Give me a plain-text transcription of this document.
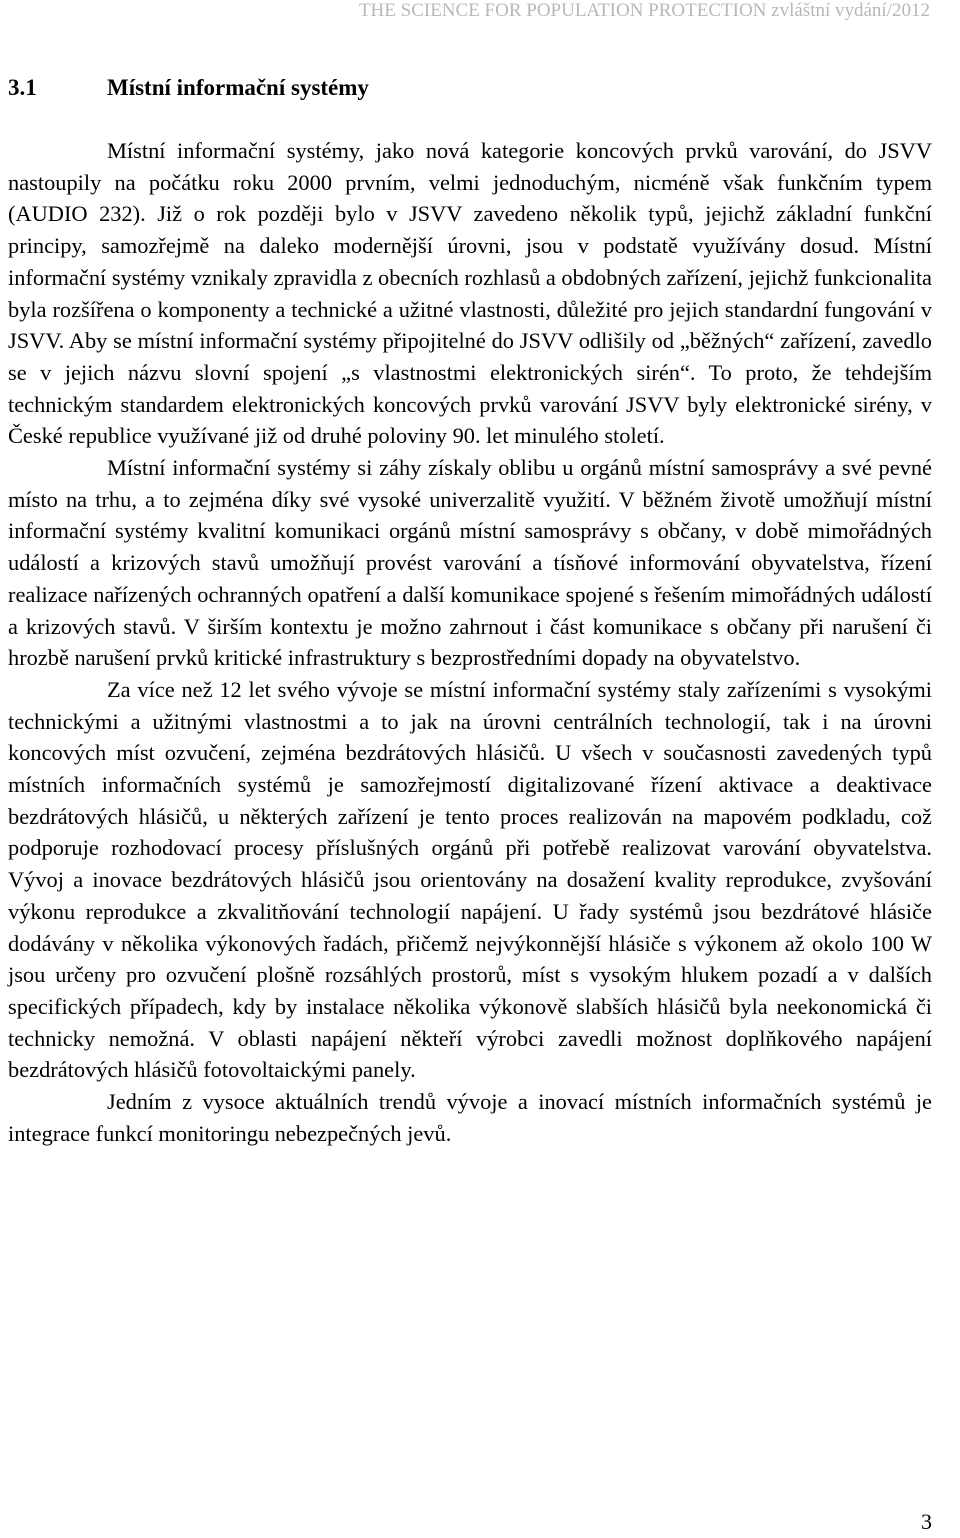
THE SCIENCE FOR POPULATION PROTECTION zvláštní vydání/2012
3.1	Místní informační systémy

Místní informační systémy, jako nová kategorie koncových prvků varování, do JSVV nastoupily na počátku roku 2000 prvním, velmi jednoduchým, nicméně však funkčním typem (AUDIO 232). Již o rok později bylo v JSVV zavedeno několik typů, jejichž základní funkční principy, samozřejmě na daleko modernější úrovni, jsou v podstatě využívány dosud. Místní informační systémy vznikaly zpravidla z obecních rozhlasů a obdobných zařízení, jejichž funkcionalita byla rozšířena o komponenty a technické a užitné vlastnosti, důležité pro jejich standardní fungování v JSVV. Aby se místní informační systémy připojitelné do JSVV odlišily od „běžných“ zařízení, zavedlo se v jejich názvu slovní spojení „s vlastnostmi elektronických sirén“. To proto, že tehdejším technickým standardem elektronických koncových prvků varování JSVV byly elektronické sirény, v České republice využívané již od druhé poloviny 90. let minulého století.

Místní informační systémy si záhy získaly oblibu u orgánů místní samosprávy a své pevné místo na trhu, a to zejména díky své vysoké univerzalitě využití. V běžném životě umožňují místní informační systémy kvalitní komunikaci orgánů místní samosprávy s občany, v době mimořádných událostí a krizových stavů umožňují provést varování a tísňové informování obyvatelstva, řízení realizace nařízených ochranných opatření a další komunikace spojené s řešením mimořádných událostí a krizových stavů. V širším kontextu je možno zahrnout i část komunikace s občany při narušení či hrozbě narušení prvků kritické infrastruktury s bezprostředními dopady na obyvatelstvo.

Za více než 12 let svého vývoje se místní informační systémy staly zařízeními s vysokými technickými a užitnými vlastnostmi a to jak na úrovni centrálních technologií, tak i na úrovni koncových míst ozvučení, zejména bezdrátových hlásičů. U všech v současnosti zavedených typů místních informačních systémů je samozřejmostí digitalizované řízení aktivace a deaktivace bezdrátových hlásičů, u některých zařízení je tento proces realizován na mapovém podkladu, což podporuje rozhodovací procesy příslušných orgánů při potřebě realizovat varování obyvatelstva. Vývoj a inovace bezdrátových hlásičů jsou orientovány na dosažení kvality reprodukce, zvyšování výkonu reprodukce a zkvalitňování technologií napájení. U řady systémů jsou bezdrátové hlásiče dodávány v několika výkonových řadách, přičemž nejvýkonnější hlásiče s výkonem až okolo 100 W jsou určeny pro ozvučení plošně rozsáhlých prostorů, míst s vysokým hlukem pozadí a v dalších specifických případech, kdy by instalace několika výkonově slabších hlásičů byla neekonomická či technicky nemožná. V oblasti napájení někteří výrobci zavedli možnost doplňkového napájení bezdrátových hlásičů fotovoltaickými panely.

Jedním z vysoce aktuálních trendů vývoje a inovací místních informačních systémů je integrace funkcí monitoringu nebezpečných jevů.

3
